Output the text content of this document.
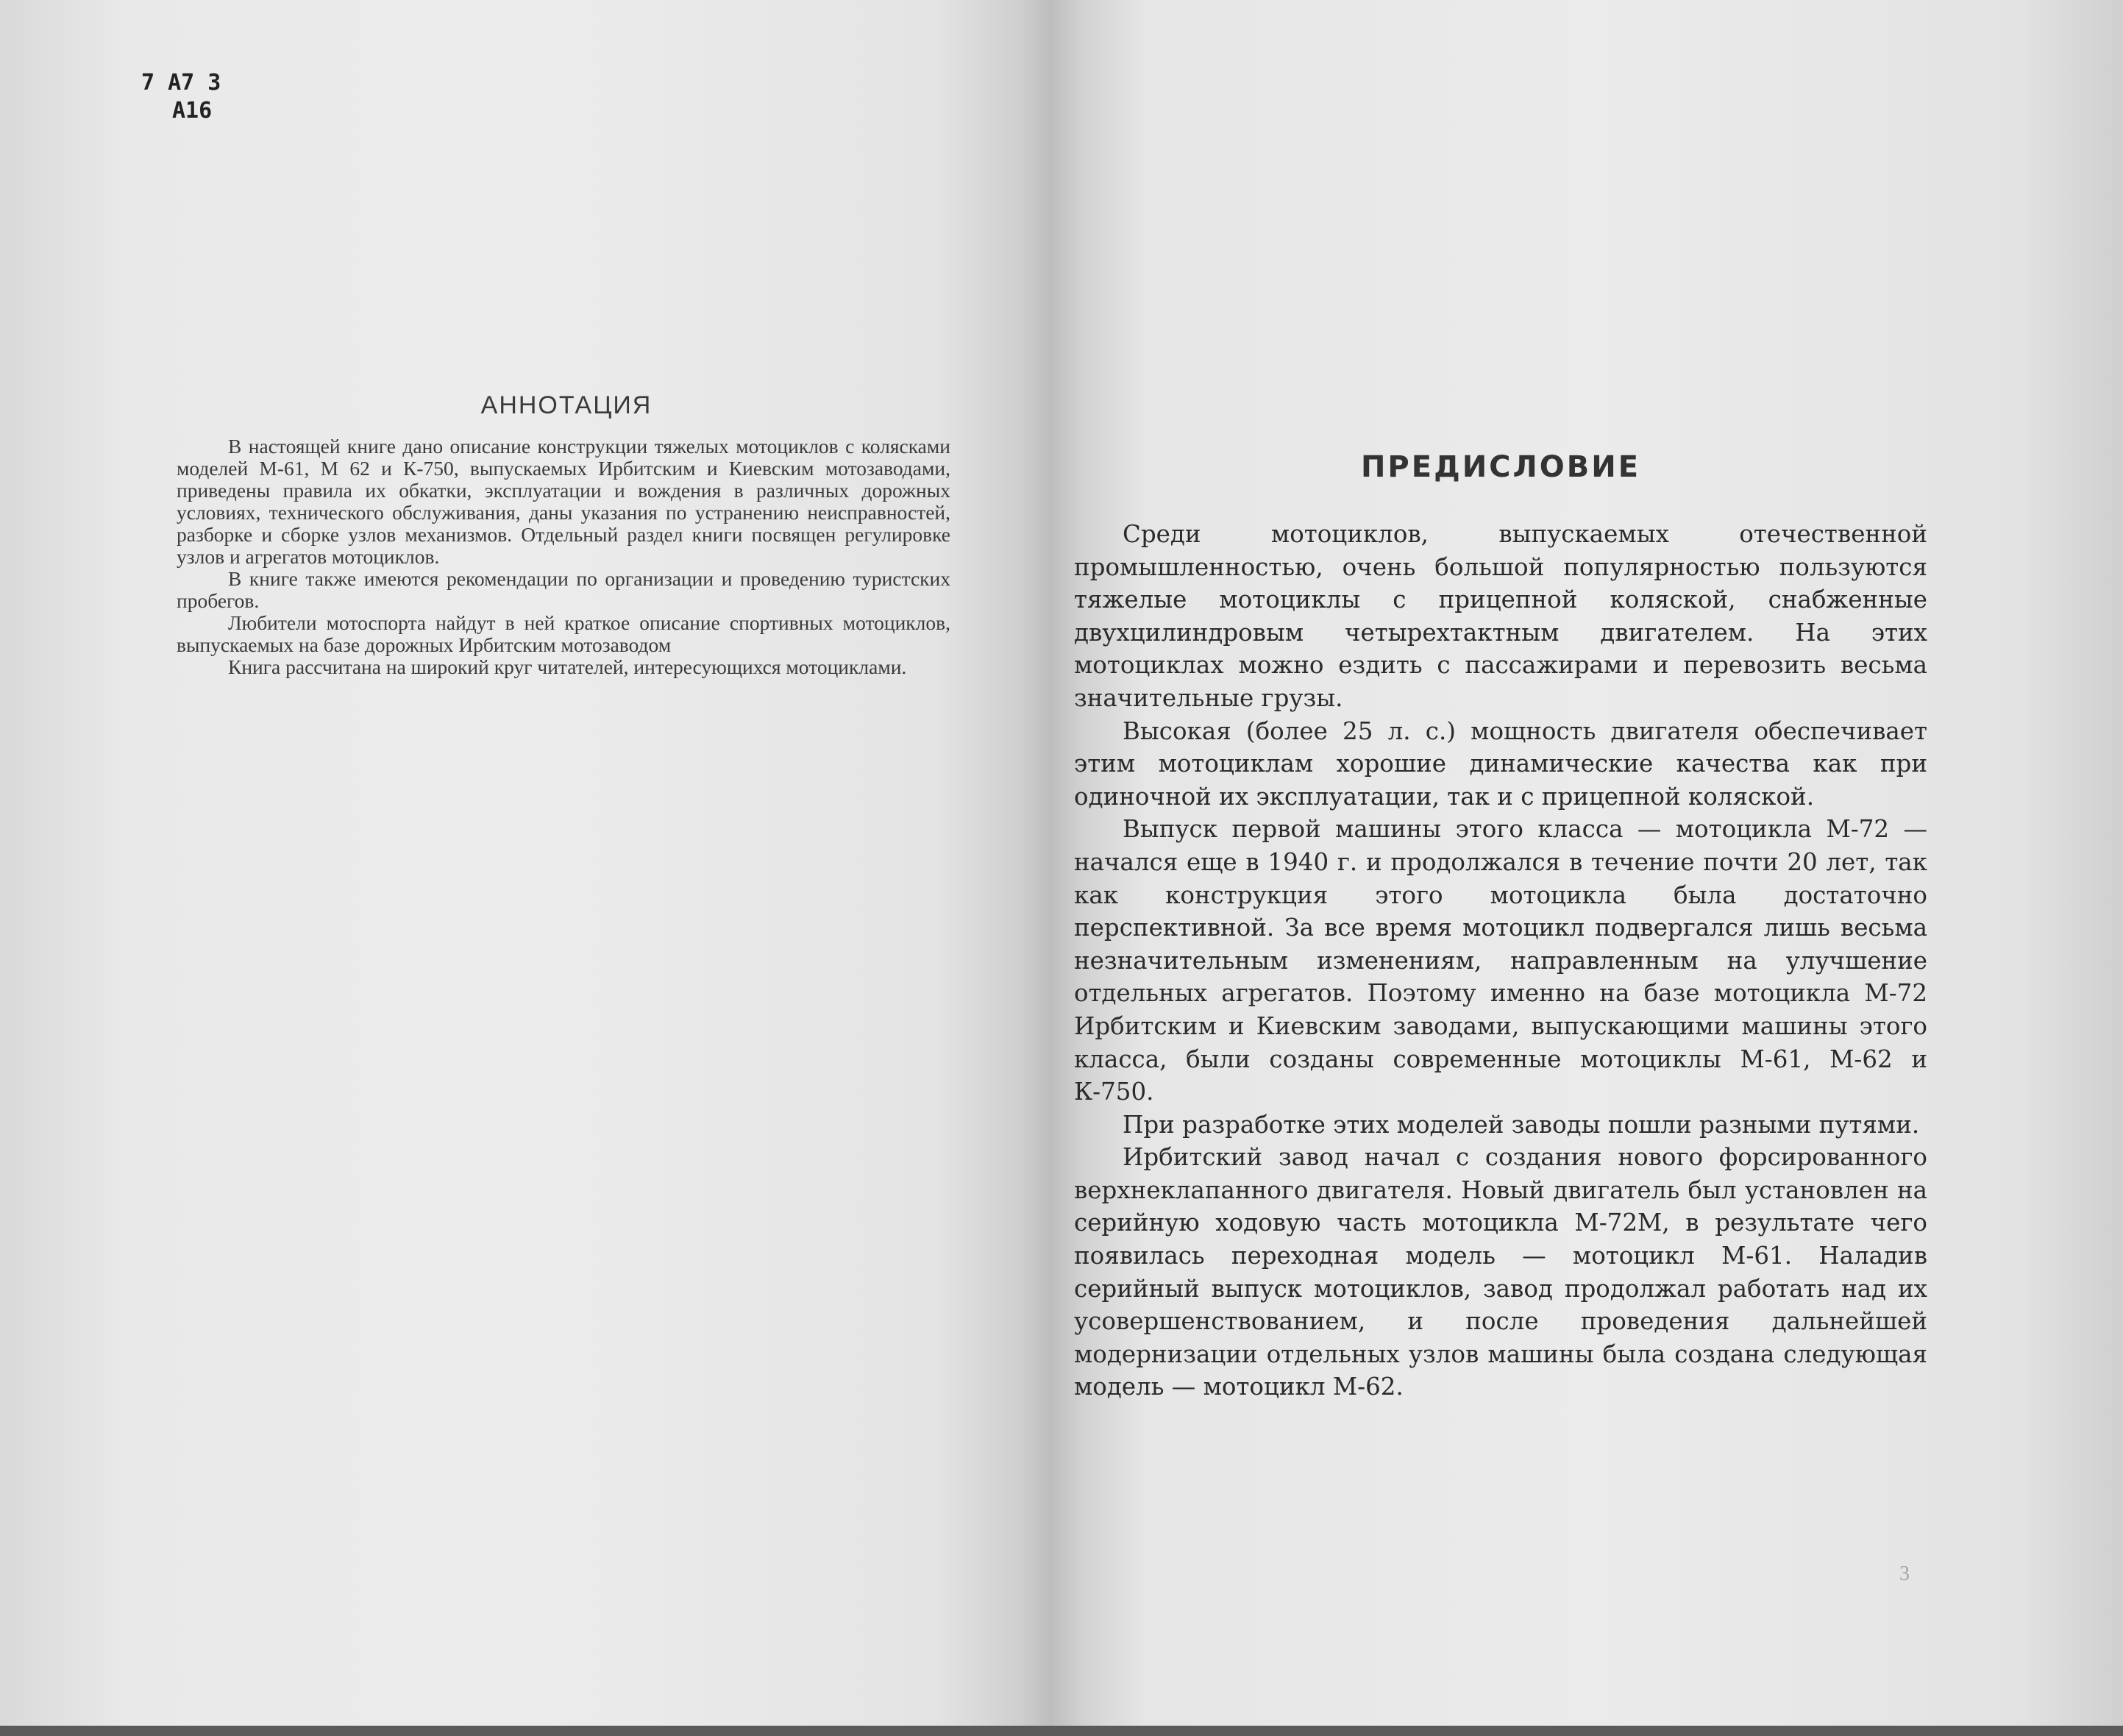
7 А7 3
А16
АННОТАЦИЯ

В настоящей книге дано описание конструкции тяжелых мотоциклов с колясками моделей М-61, М 62 и К-750, выпускаемых Ирбитским и Киевским мотозаводами, приведены правила их обкатки, эксплуатации и вождения в различных дорожных условиях, технического обслуживания, даны указания по устранению неисправностей, разборке и сборке узлов механизмов. Отдельный раздел книги посвящен регулировке узлов и агрегатов мотоциклов.

В книге также имеются рекомендации по организации и проведению туристских пробегов.

Любители мотоспорта найдут в ней краткое описание спортивных мотоциклов, выпускаемых на базе дорожных Ирбитским мотозаводом

Книга рассчитана на широкий круг читателей, интересующихся мотоциклами.

ПРЕДИСЛОВИЕ

Среди мотоциклов, выпускаемых отечественной промышленностью, очень большой популярностью пользуются тяжелые мотоциклы с прицепной коляской, снабженные двухцилиндровым четырехтактным двигателем. На этих мотоциклах можно ездить с пассажирами и перевозить весьма значительные грузы.

Высокая (более 25 л. с.) мощность двигателя обеспечивает этим мотоциклам хорошие динамические качества как при одиночной их эксплуатации, так и с прицепной коляской.

Выпуск первой машины этого класса — мотоцикла М-72 — начался еще в 1940 г. и продолжался в течение почти 20 лет, так как конструкция этого мотоцикла была достаточно перспективной. За все время мотоцикл подвергался лишь весьма незначительным изменениям, направленным на улучшение отдельных агрегатов. Поэтому именно на базе мотоцикла М-72 Ирбитским и Киевским заводами, выпускающими машины этого класса, были созданы современные мотоциклы М-61, М-62 и К-750.

При разработке этих моделей заводы пошли разными путями.

Ирбитский завод начал с создания нового форсированного верхнеклапанного двигателя. Новый двигатель был установлен на серийную ходовую часть мотоцикла М-72М, в результате чего появилась переходная модель — мотоцикл М-61. Наладив серийный выпуск мотоциклов, завод продолжал работать над их усовершенствованием, и после проведения дальнейшей модернизации отдельных узлов машины была создана следующая модель — мотоцикл М-62.

3
